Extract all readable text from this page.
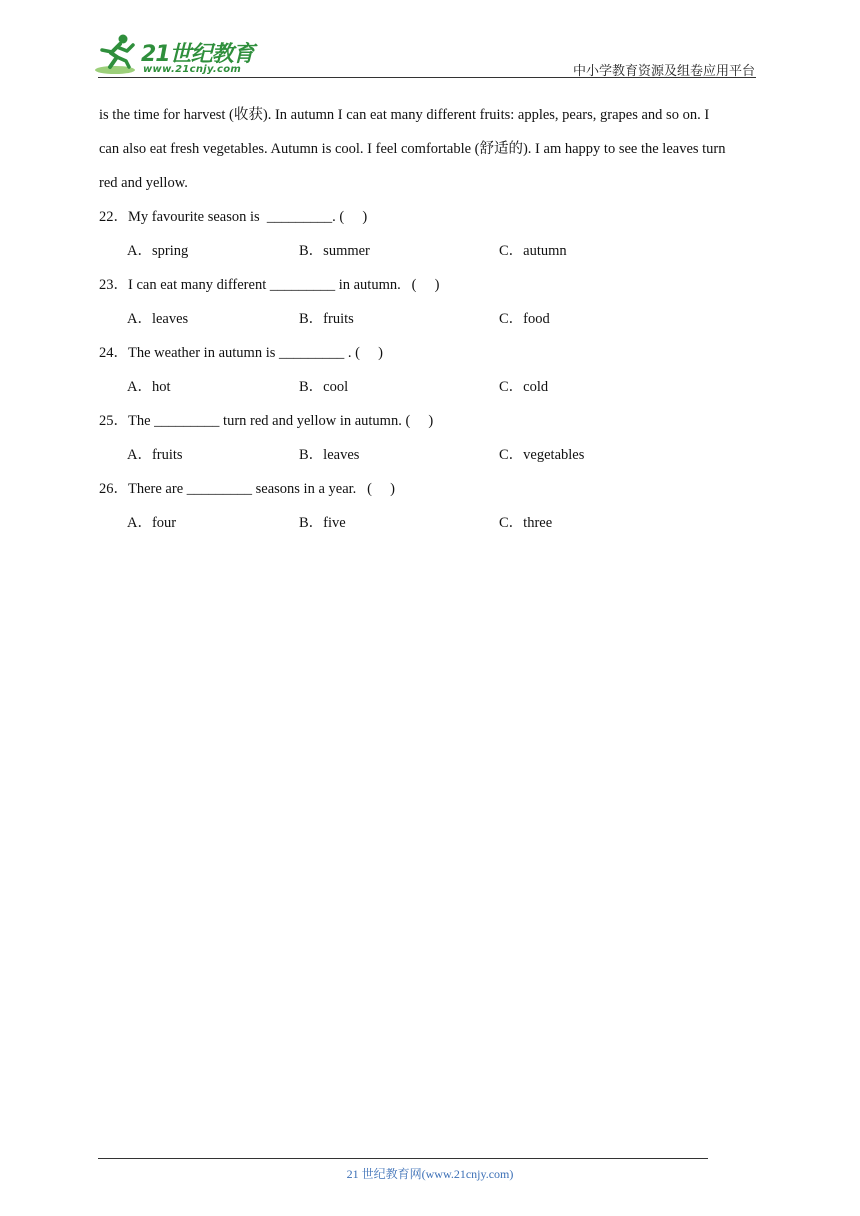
21世纪教育
www.21cnjy.com	中小学教育资源及组卷应用平台
is the time for harvest (收获). In autumn I can eat many different fruits: apples, pears, grapes and so on. I
can also eat fresh vegetables. Autumn is cool. I feel comfortable (舒适的). I am happy to see the leaves turn
red and yellow.
22．My favourite season is  _________. (     )
A．spring	B．summer	C．autumn
23．I can eat many different _________ in autumn.   (     )
A．leaves	B．fruits	C．food
24．The weather in autumn is _________ . (     )
A．hot	B．cool	C．cold
25．The _________ turn red and yellow in autumn. (     )
A．fruits	B．leaves	C．vegetables
26．There are _________ seasons in a year.   (     )
A．four	B．five	C．three
21 世纪教育网(www.21cnjy.com)
